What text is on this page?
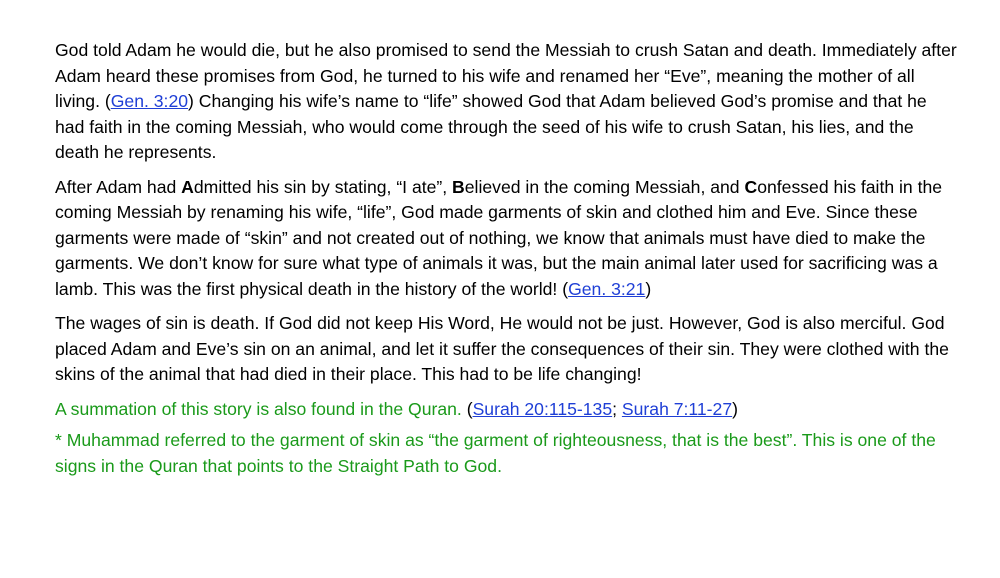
God told Adam he would die, but he also promised to send the Messiah to crush Satan and death. Immediately after Adam heard these promises from God, he turned to his wife and renamed her “Eve”, meaning the mother of all living. (Gen. 3:20) Changing his wife’s name to “life” showed God that Adam believed God’s promise and that he had faith in the coming Messiah, who would come through the seed of his wife to crush Satan, his lies, and the death he represents.

After Adam had Admitted his sin by stating, “I ate”, Believed in the coming Messiah, and Confessed his faith in the coming Messiah by renaming his wife, “life”, God made garments of skin and clothed him and Eve. Since these garments were made of “skin” and not created out of nothing, we know that animals must have died to make the garments. We don’t know for sure what type of animals it was, but the main animal later used for sacrificing was a lamb. This was the first physical death in the history of the world! (Gen. 3:21)

The wages of sin is death. If God did not keep His Word, He would not be just. However, God is also merciful. God placed Adam and Eve’s sin on an animal, and let it suffer the consequences of their sin. They were clothed with the skins of the animal that had died in their place. This had to be life changing!

A summation of this story is also found in the Quran. (Surah 20:115-135; Surah 7:11-27)

* Muhammad referred to the garment of skin as “the garment of righteousness, that is the best”. This is one of the signs in the Quran that points to the Straight Path to God.
